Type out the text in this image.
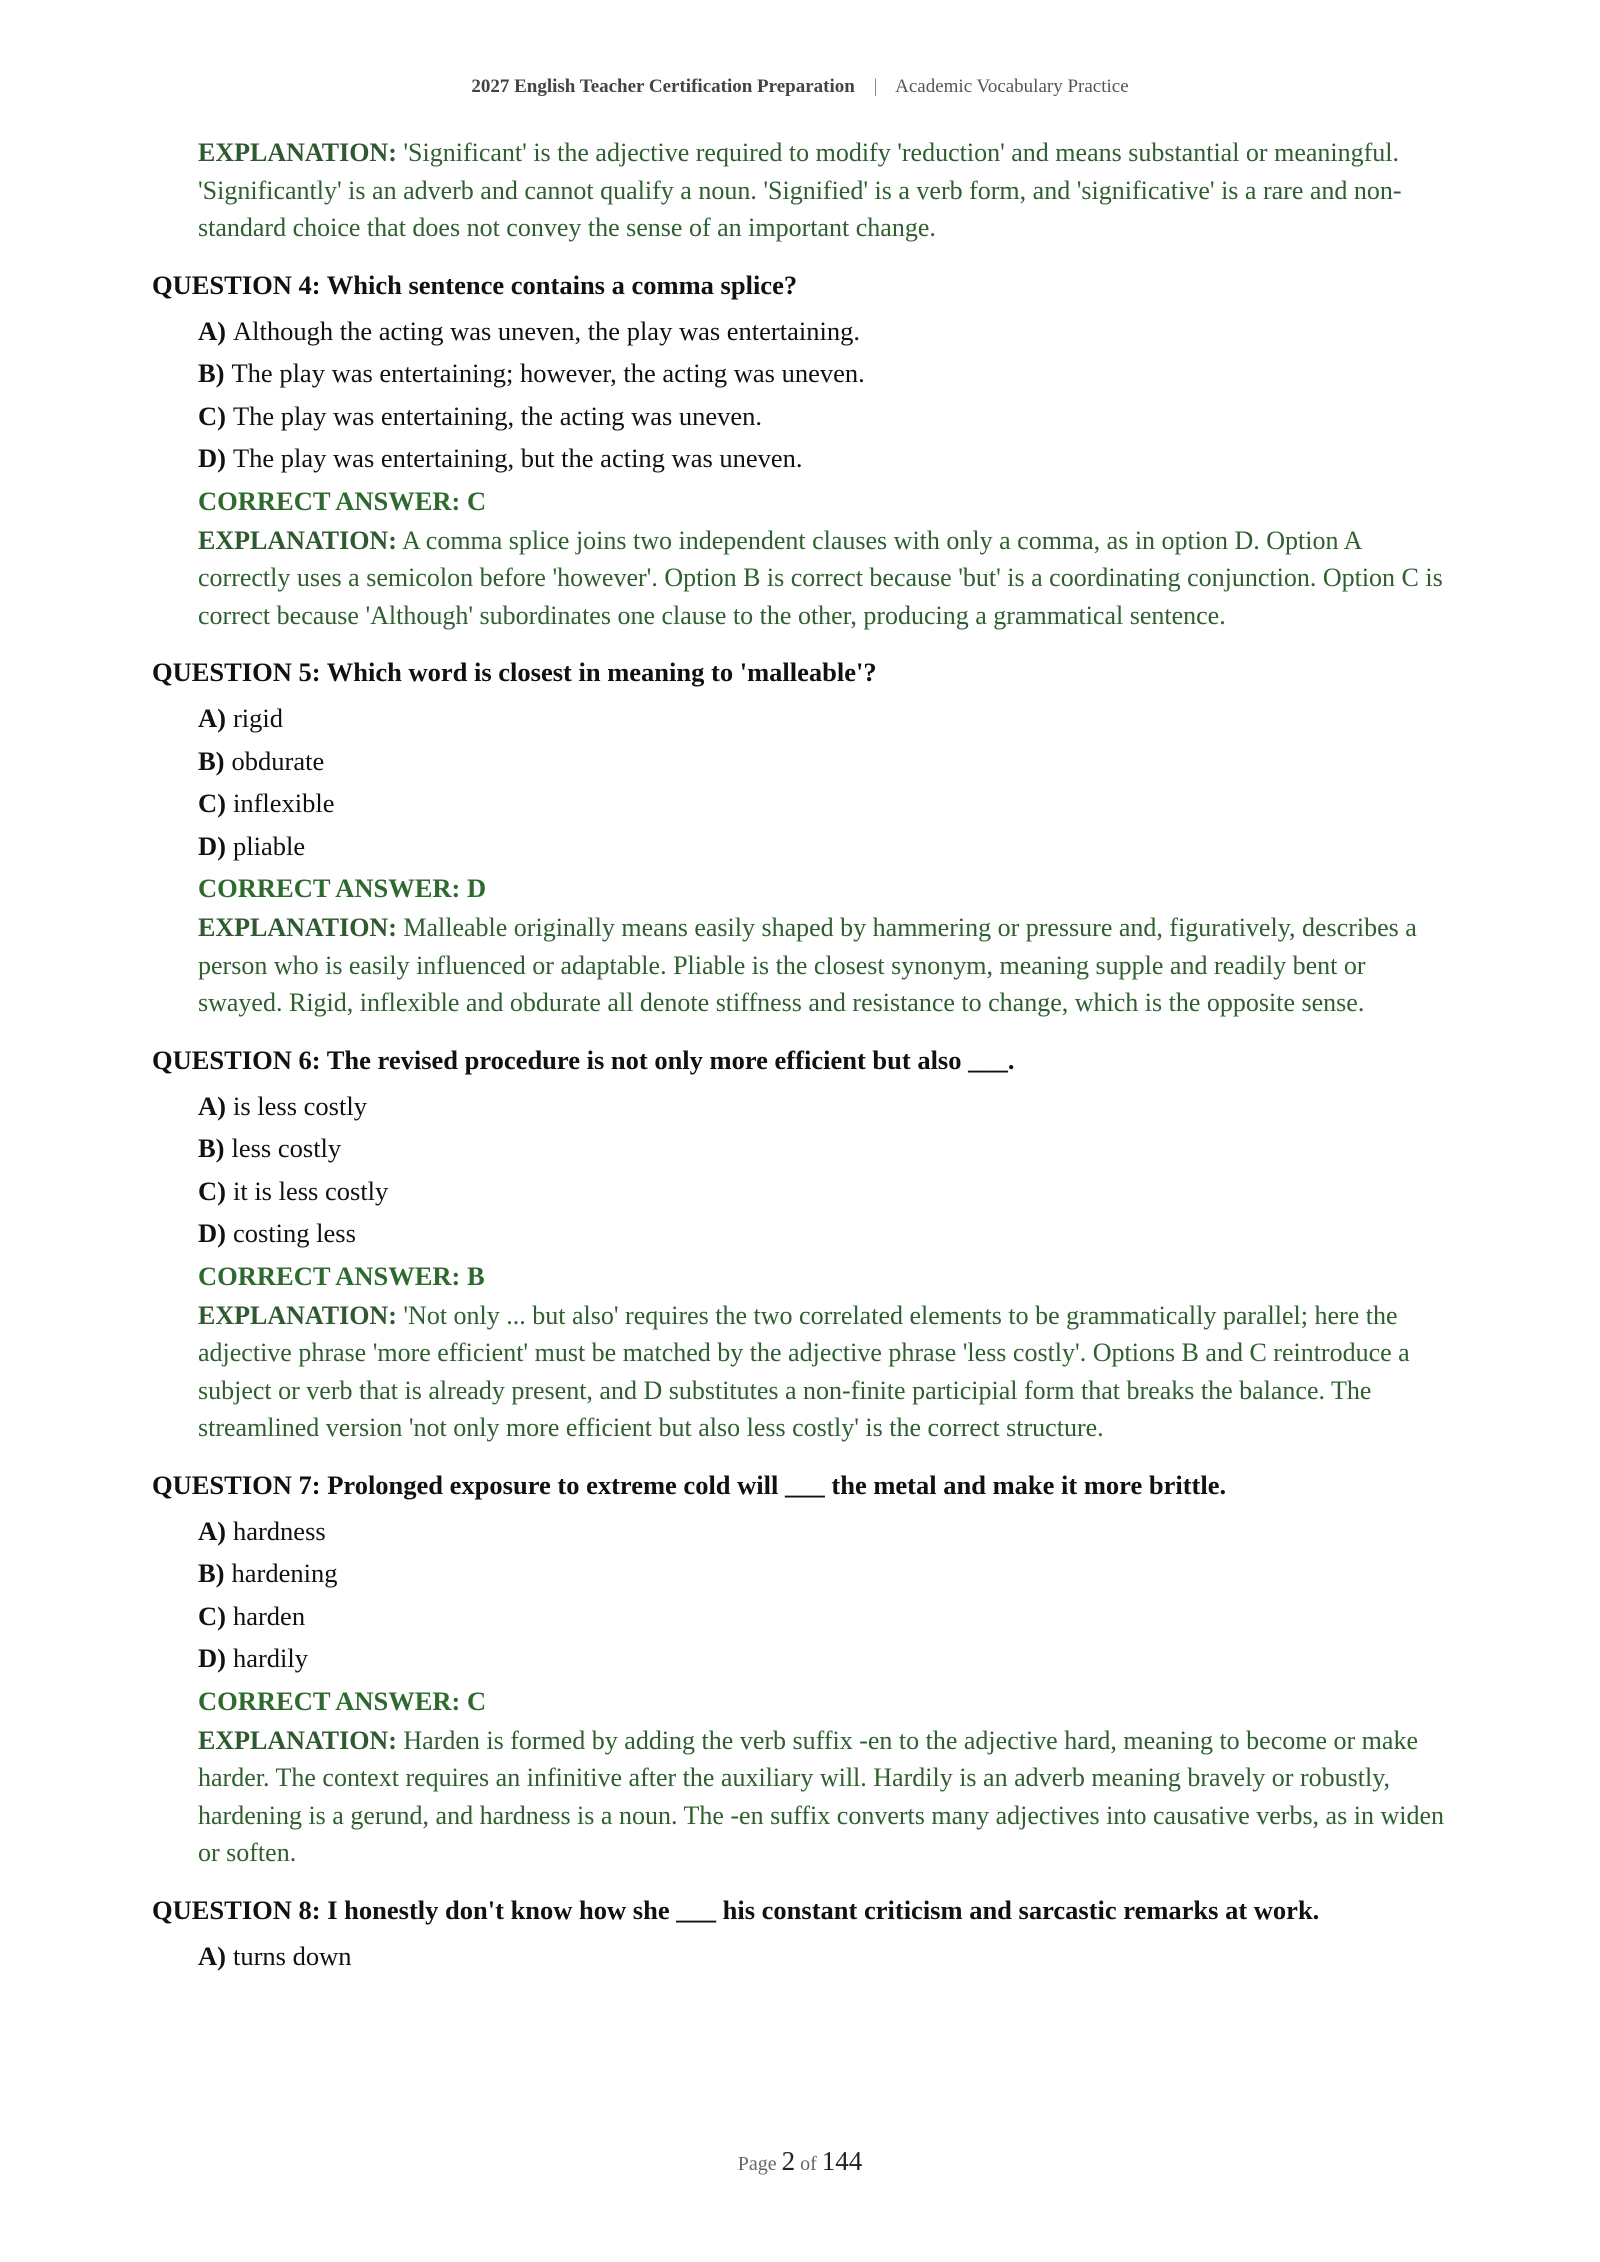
2027 English Teacher Certification Preparation | Academic Vocabulary Practice
EXPLANATION: 'Significant' is the adjective required to modify 'reduction' and means substantial or meaningful. 'Significantly' is an adverb and cannot qualify a noun. 'Signified' is a verb form, and 'significative' is a rare and non-standard choice that does not convey the sense of an important change.
QUESTION 4: Which sentence contains a comma splice?
A) Although the acting was uneven, the play was entertaining.
B) The play was entertaining; however, the acting was uneven.
C) The play was entertaining, the acting was uneven.
D) The play was entertaining, but the acting was uneven.
CORRECT ANSWER: C
EXPLANATION: A comma splice joins two independent clauses with only a comma, as in option D. Option A correctly uses a semicolon before 'however'. Option B is correct because 'but' is a coordinating conjunction. Option C is correct because 'Although' subordinates one clause to the other, producing a grammatical sentence.
QUESTION 5: Which word is closest in meaning to 'malleable'?
A) rigid
B) obdurate
C) inflexible
D) pliable
CORRECT ANSWER: D
EXPLANATION: Malleable originally means easily shaped by hammering or pressure and, figuratively, describes a person who is easily influenced or adaptable. Pliable is the closest synonym, meaning supple and readily bent or swayed. Rigid, inflexible and obdurate all denote stiffness and resistance to change, which is the opposite sense.
QUESTION 6: The revised procedure is not only more efficient but also ___.
A) is less costly
B) less costly
C) it is less costly
D) costing less
CORRECT ANSWER: B
EXPLANATION: 'Not only ... but also' requires the two correlated elements to be grammatically parallel; here the adjective phrase 'more efficient' must be matched by the adjective phrase 'less costly'. Options B and C reintroduce a subject or verb that is already present, and D substitutes a non-finite participial form that breaks the balance. The streamlined version 'not only more efficient but also less costly' is the correct structure.
QUESTION 7: Prolonged exposure to extreme cold will ___ the metal and make it more brittle.
A) hardness
B) hardening
C) harden
D) hardily
CORRECT ANSWER: C
EXPLANATION: Harden is formed by adding the verb suffix -en to the adjective hard, meaning to become or make harder. The context requires an infinitive after the auxiliary will. Hardily is an adverb meaning bravely or robustly, hardening is a gerund, and hardness is a noun. The -en suffix converts many adjectives into causative verbs, as in widen or soften.
QUESTION 8: I honestly don't know how she ___ his constant criticism and sarcastic remarks at work.
A) turns down
Page 2 of 144
